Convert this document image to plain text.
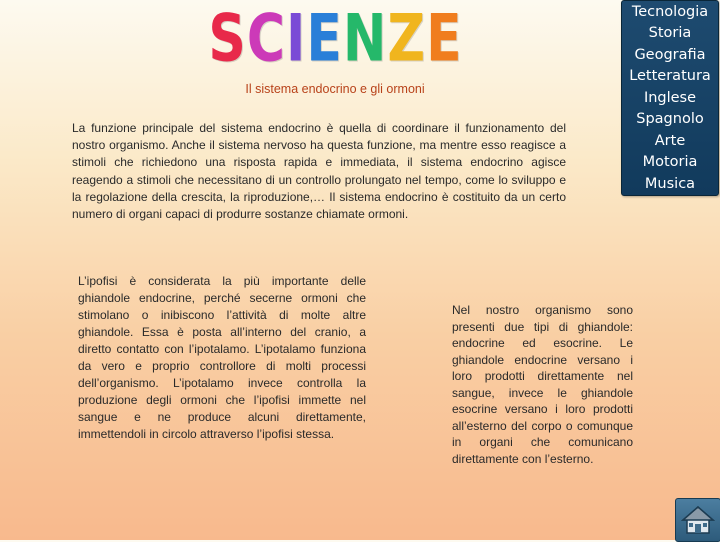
S C I E N Z E
Il sistema endocrino e gli ormoni

La funzione principale del sistema endocrino è quella di coordinare il funzionamento del nostro organismo. Anche il sistema nervoso ha questa funzione, ma mentre esso reagisce a stimoli che richiedono una risposta rapida e immediata, il sistema endocrino agisce reagendo a stimoli che necessitano di un controllo prolungato nel tempo, come lo sviluppo e la regolazione della crescita, la riproduzione,… Il sistema endocrino è costituito da un certo numero di organi capaci di produrre sostanze chiamate ormoni.

L’ipofisi è considerata la più importante delle ghiandole endocrine, perché secerne ormoni che stimolano o inibiscono l’attività di molte altre ghiandole. Essa è posta all’interno del cranio, a diretto contatto con l’ipotalamo. L’ipotalamo funziona da vero e proprio controllore di molti processi dell’organismo. L’ipotalamo invece controlla la produzione degli ormoni che l’ipofisi immette nel sangue e ne produce alcuni direttamente, immettendoli in circolo attraverso l’ipofisi stessa.

Nel nostro organismo sono presenti due tipi di ghiandole: endocrine ed esocrine. Le ghiandole endocrine versano i loro prodotti direttamente nel sangue, invece le ghiandole esocrine versano i loro prodotti all’esterno del corpo o comunque in organi che comunicano direttamente con l’esterno.

Tecnologia
Storia
Geografia
Letteratura
Inglese
Spagnolo
Arte
Motoria
Musica
